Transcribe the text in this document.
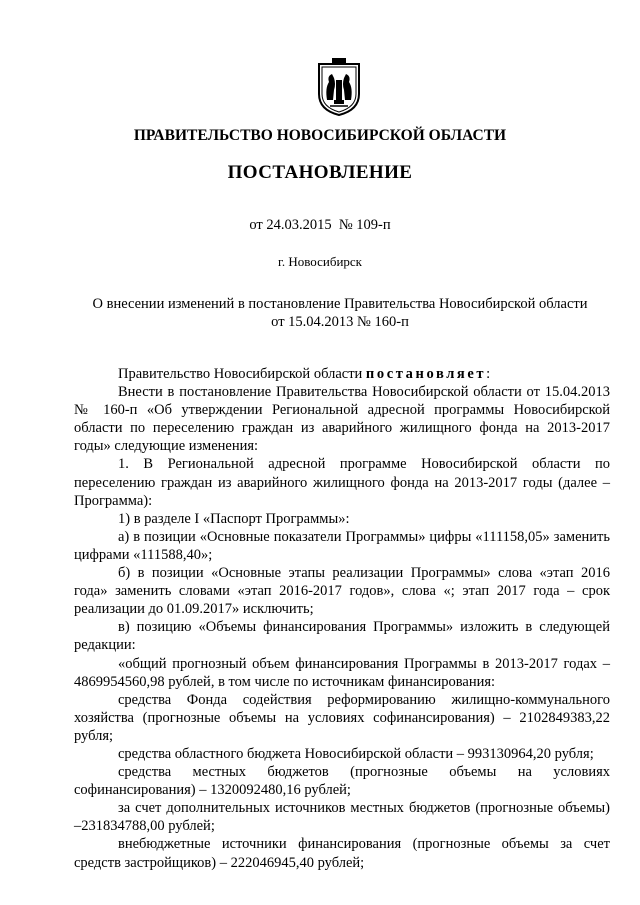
ПРАВИТЕЛЬСТВО НОВОСИБИРСКОЙ ОБЛАСТИ
ПОСТАНОВЛЕНИЕ
от 24.03.2015  № 109-п
г. Новосибирск
О внесении изменений в постановление Правительства Новосибирской области
от 15.04.2013 № 160-п

Правительство Новосибирской области постановляет:

Внести в постановление Правительства Новосибирской области от 15.04.2013 № 160-п «Об утверждении Региональной адресной программы Новосибирской области по переселению граждан из аварийного жилищного фонда на 2013-2017 годы» следующие изменения:

1. В Региональной адресной программе Новосибирской области по переселению граждан из аварийного жилищного фонда на 2013-2017 годы (далее – Программа):

1) в разделе I «Паспорт Программы»:

а) в позиции «Основные показатели Программы» цифры «111158,05» заменить цифрами «111588,40»;

б) в позиции «Основные этапы реализации Программы» слова «этап 2016 года» заменить словами «этап 2016-2017 годов», слова «; этап 2017 года – срок реализации до 01.09.2017» исключить;

в) позицию «Объемы финансирования Программы» изложить в следующей редакции:

«общий прогнозный объем финансирования Программы в 2013-2017 годах – 4869954560,98 рублей, в том числе по источникам финансирования:

средства Фонда содействия реформированию жилищно-коммунального хозяйства (прогнозные объемы на условиях софинансирования) – 2102849383,22 рубля;

средства областного бюджета Новосибирской области – 993130964,20 рубля;

средства местных бюджетов (прогнозные объемы на условиях софинансирования) – 1320092480,16 рублей;

за счет дополнительных источников местных бюджетов (прогнозные объемы) –231834788,00 рублей;

внебюджетные источники финансирования (прогнозные объемы за счет средств застройщиков) – 222046945,40 рублей;
